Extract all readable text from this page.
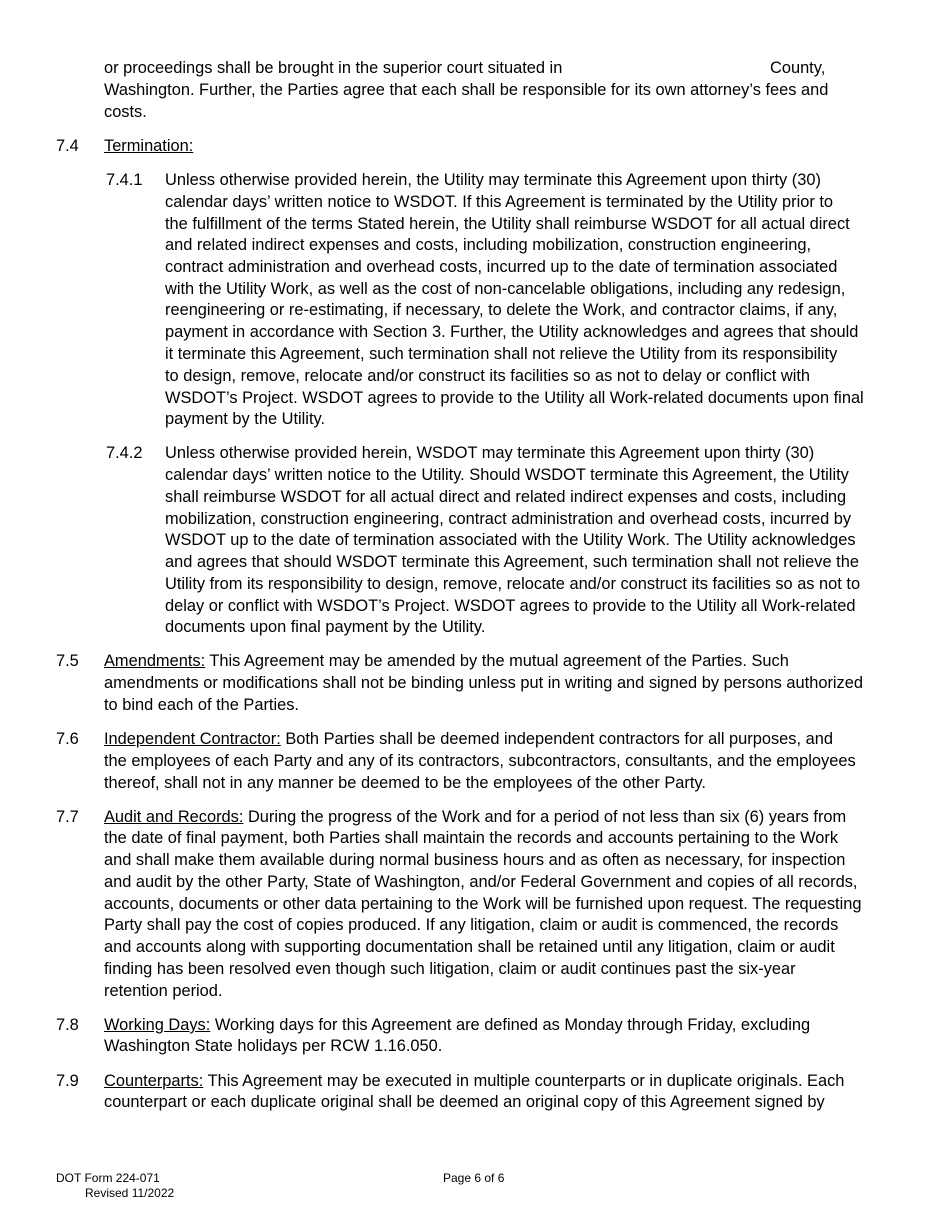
or proceedings shall be brought in the superior court situated in	County,
Washington. Further, the Parties agree that each shall be responsible for its own attorney’s fees and
costs.
7.4 Termination:
7.4.1 Unless otherwise provided herein, the Utility may terminate this Agreement upon thirty (30)
calendar days’ written notice to WSDOT. If this Agreement is terminated by the Utility prior to
the fulfillment of the terms Stated herein, the Utility shall reimburse WSDOT for all actual direct
and related indirect expenses and costs, including mobilization, construction engineering,
contract administration and overhead costs, incurred up to the date of termination associated
with the Utility Work, as well as the cost of non-cancelable obligations, including any redesign,
reengineering or re-estimating, if necessary, to delete the Work, and contractor claims, if any,
payment in accordance with Section 3. Further, the Utility acknowledges and agrees that should
it terminate this Agreement, such termination shall not relieve the Utility from its responsibility
to design, remove, relocate and/or construct its facilities so as not to delay or conflict with
WSDOT’s Project. WSDOT agrees to provide to the Utility all Work-related documents upon final
payment by the Utility.
7.4.2 Unless otherwise provided herein, WSDOT may terminate this Agreement upon thirty (30)
calendar days’ written notice to the Utility. Should WSDOT terminate this Agreement, the Utility
shall reimburse WSDOT for all actual direct and related indirect expenses and costs, including
mobilization, construction engineering, contract administration and overhead costs, incurred by
WSDOT up to the date of termination associated with the Utility Work. The Utility acknowledges
and agrees that should WSDOT terminate this Agreement, such termination shall not relieve the
Utility from its responsibility to design, remove, relocate and/or construct its facilities so as not to
delay or conflict with WSDOT’s Project. WSDOT agrees to provide to the Utility all Work-related
documents upon final payment by the Utility.
7.5 Amendments: This Agreement may be amended by the mutual agreement of the Parties. Such
amendments or modifications shall not be binding unless put in writing and signed by persons authorized
to bind each of the Parties.
7.6 Independent Contractor: Both Parties shall be deemed independent contractors for all purposes, and
the employees of each Party and any of its contractors, subcontractors, consultants, and the employees
thereof, shall not in any manner be deemed to be the employees of the other Party.
7.7 Audit and Records: During the progress of the Work and for a period of not less than six (6) years from
the date of final payment, both Parties shall maintain the records and accounts pertaining to the Work
and shall make them available during normal business hours and as often as necessary, for inspection
and audit by the other Party, State of Washington, and/or Federal Government and copies of all records,
accounts, documents or other data pertaining to the Work will be furnished upon request. The requesting
Party shall pay the cost of copies produced. If any litigation, claim or audit is commenced, the records
and accounts along with supporting documentation shall be retained until any litigation, claim or audit
finding has been resolved even though such litigation, claim or audit continues past the six-year
retention period.
7.8 Working Days: Working days for this Agreement are defined as Monday through Friday, excluding
Washington State holidays per RCW 1.16.050.
7.9 Counterparts: This Agreement may be executed in multiple counterparts or in duplicate originals. Each
counterpart or each duplicate original shall be deemed an original copy of this Agreement signed by
DOT Form 224-071
Revised 11/2022
Page 6 of 6
